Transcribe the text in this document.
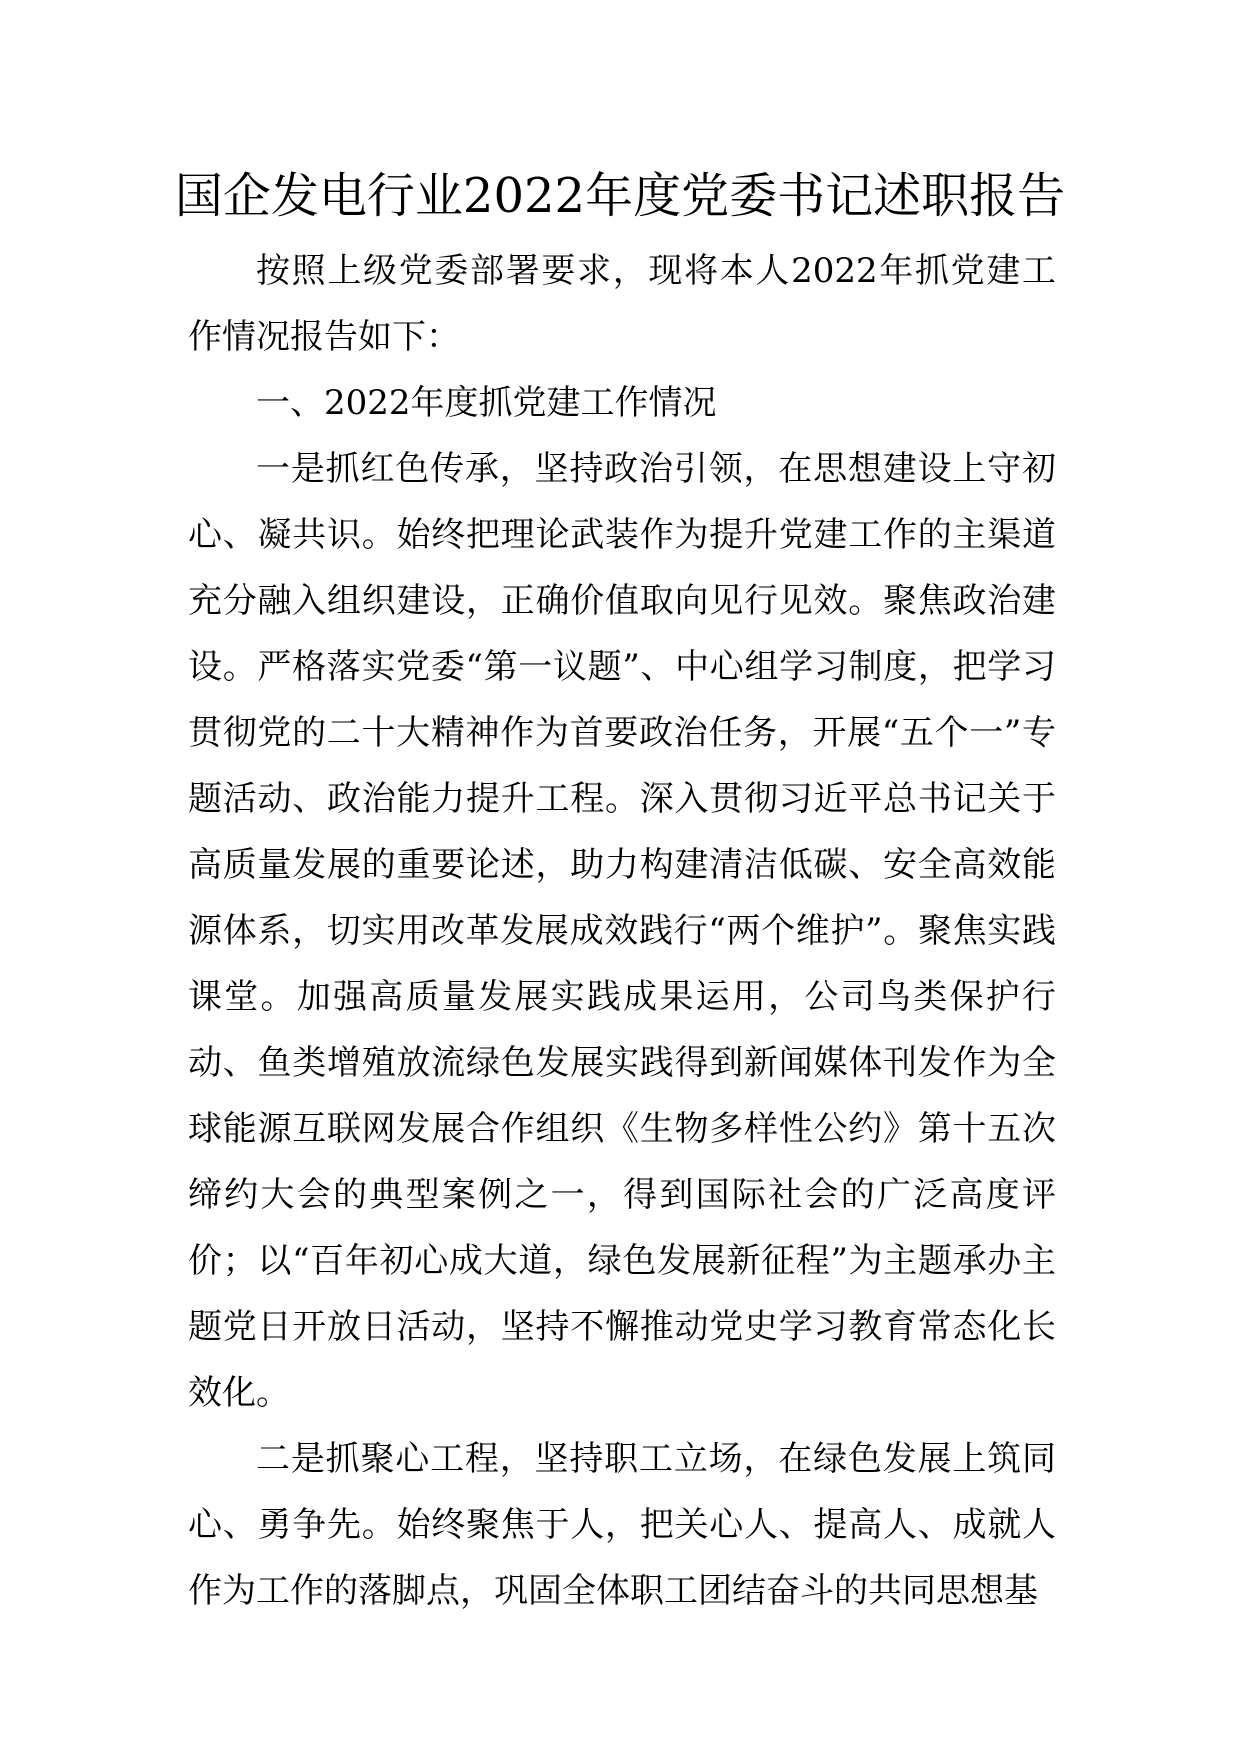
国企发电行业2022年度党委书记述职报告

按照上级党委部署要求，现将本人2022年抓党建工作情况报告如下：

一、2022年度抓党建工作情况

一是抓红色传承，坚持政治引领，在思想建设上守初心、凝共识。始终把理论武装作为提升党建工作的主渠道充分融入组织建设，正确价值取向见行见效。聚焦政治建设。严格落实党委“第一议题”、中心组学习制度，把学习贯彻党的二十大精神作为首要政治任务，开展“五个一”专题活动、政治能力提升工程。深入贯彻习近平总书记关于高质量发展的重要论述，助力构建清洁低碳、安全高效能源体系，切实用改革发展成效践行“两个维护”。聚焦实践课堂。加强高质量发展实践成果运用，公司鸟类保护行动、鱼类增殖放流绿色发展实践得到新闻媒体刊发作为全球能源互联网发展合作组织《生物多样性公约》第十五次缔约大会的典型案例之一，得到国际社会的广泛高度评价；以“百年初心成大道，绿色发展新征程”为主题承办主题党日开放日活动，坚持不懈推动党史学习教育常态化长效化。

二是抓聚心工程，坚持职工立场，在绿色发展上筑同心、勇争先。始终聚焦于人，把关心人、提高人、成就人作为工作的落脚点，巩固全体职工团结奋斗的共同思想基
